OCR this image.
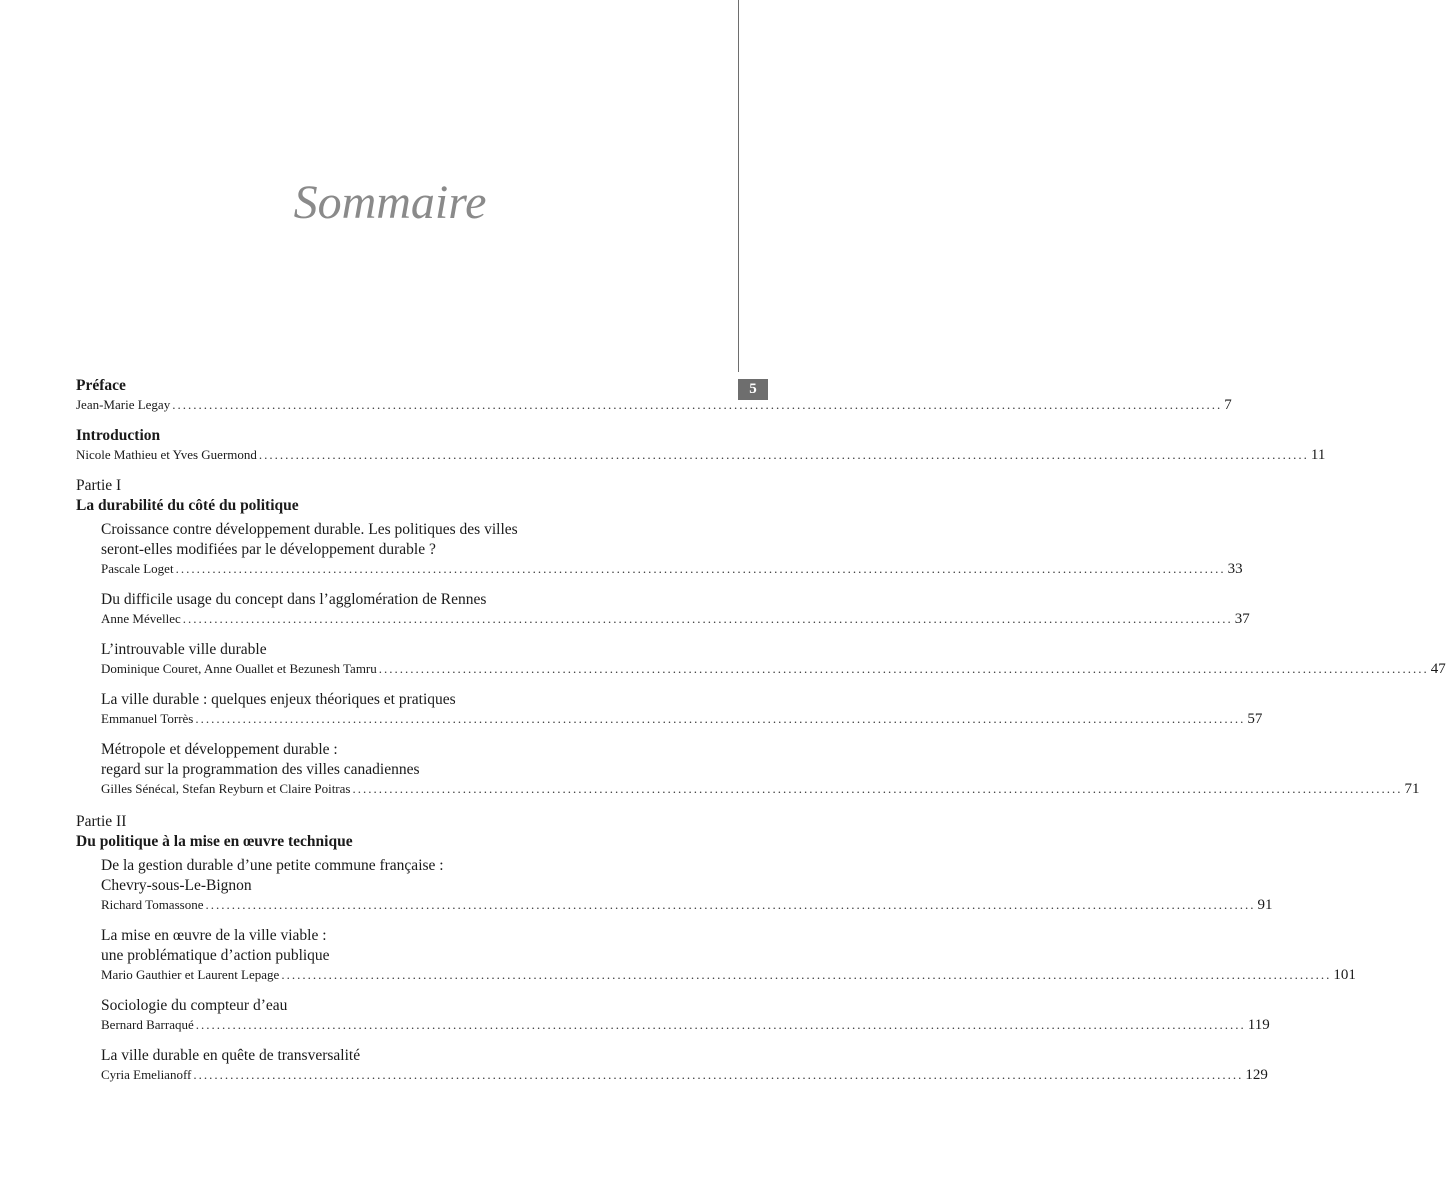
5
Sommaire
Préface
Jean-Marie Legay ........................................................................................................................................................................................................ 7
Introduction
Nicole Mathieu et Yves Guermond ........................................................................................................................................................................................................ 11
Partie I
La durabilité du côté du politique
Croissance contre développement durable. Les politiques des villes
seront-elles modifiées par le développement durable ?
Pascale Loget ........................................................................................................................................................................................................ 33
Du difficile usage du concept dans l’agglomération de Rennes
Anne Mévellec ........................................................................................................................................................................................................ 37
L’introuvable ville durable
Dominique Couret, Anne Ouallet et Bezunesh Tamru ........................................................................................................................................................................................................ 47
La ville durable : quelques enjeux théoriques et pratiques
Emmanuel Torrès ........................................................................................................................................................................................................ 57
Métropole et développement durable :
regard sur la programmation des villes canadiennes
Gilles Sénécal, Stefan Reyburn et Claire Poitras ........................................................................................................................................................................................................ 71
Partie II
Du politique à la mise en œuvre technique
De la gestion durable d’une petite commune française :
Chevry-sous-Le-Bignon
Richard Tomassone ........................................................................................................................................................................................................ 91
La mise en œuvre de la ville viable :
une problématique d’action publique
Mario Gauthier et Laurent Lepage ........................................................................................................................................................................................................ 101
Sociologie du compteur d’eau
Bernard Barraqué ........................................................................................................................................................................................................ 119
La ville durable en quête de transversalité
Cyria Emelianoff ........................................................................................................................................................................................................ 129
